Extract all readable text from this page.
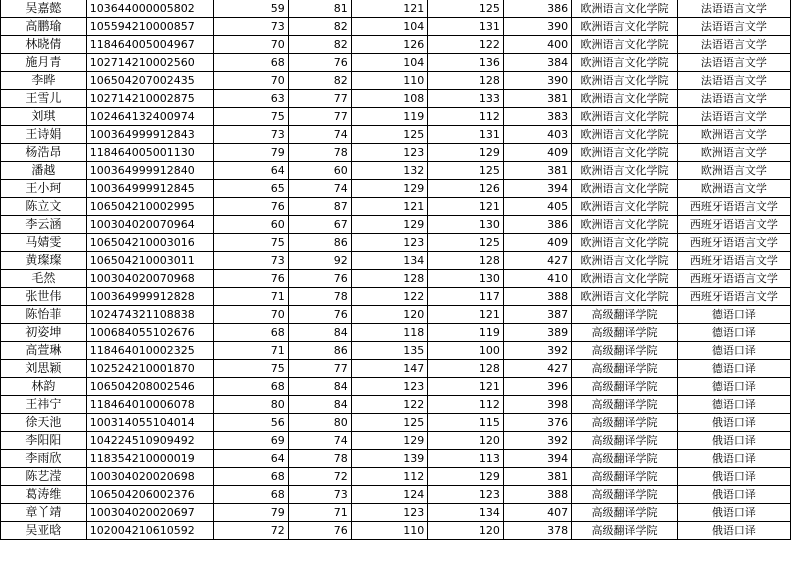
吴嘉懿	103644000005802	59	81	121	125	386	欧洲语言文化学院	法语语言文学
高鹏瑜	105594210000857	73	82	104	131	390	欧洲语言文化学院	法语语言文学
林晓倩	118464005004967	70	82	126	122	400	欧洲语言文化学院	法语语言文学
施月青	102714210002560	68	76	104	136	384	欧洲语言文化学院	法语语言文学
李晔	106504207002435	70	82	110	128	390	欧洲语言文化学院	法语语言文学
王雪儿	102714210002875	63	77	108	133	381	欧洲语言文化学院	法语语言文学
刘琪	102464132400974	75	77	119	112	383	欧洲语言文化学院	法语语言文学
王诗娟	100364999912843	73	74	125	131	403	欧洲语言文化学院	欧洲语言文学
杨浩昂	118464005001130	79	78	123	129	409	欧洲语言文化学院	欧洲语言文学
潘越	100364999912840	64	60	132	125	381	欧洲语言文化学院	欧洲语言文学
王小珂	100364999912845	65	74	129	126	394	欧洲语言文化学院	欧洲语言文学
陈立文	106504210002995	76	87	121	121	405	欧洲语言文化学院	西班牙语语言文学
李云涵	100304020070964	60	67	129	130	386	欧洲语言文化学院	西班牙语语言文学
马婧雯	106504210003016	75	86	123	125	409	欧洲语言文化学院	西班牙语语言文学
黄璨璨	106504210003011	73	92	134	128	427	欧洲语言文化学院	西班牙语语言文学
毛然	100304020070968	76	76	128	130	410	欧洲语言文化学院	西班牙语语言文学
张世伟	100364999912828	71	78	122	117	388	欧洲语言文化学院	西班牙语语言文学
陈怡菲	102474321108838	70	76	120	121	387	高级翻译学院	德语口译
初姿坤	100684055102676	68	84	118	119	389	高级翻译学院	德语口译
高萱琳	118464010002325	71	86	135	100	392	高级翻译学院	德语口译
刘思颖	102524210001870	75	77	147	128	427	高级翻译学院	德语口译
林韵	106504208002546	68	84	123	121	396	高级翻译学院	德语口译
王祎宁	118464010006078	80	84	122	112	398	高级翻译学院	德语口译
徐天池	100314055104014	56	80	125	115	376	高级翻译学院	俄语口译
李阳阳	104224510909492	69	74	129	120	392	高级翻译学院	俄语口译
李雨欣	118354210000019	64	78	139	113	394	高级翻译学院	俄语口译
陈艺滢	100304020020698	68	72	112	129	381	高级翻译学院	俄语口译
葛涛维	106504206002376	68	73	124	123	388	高级翻译学院	俄语口译
章丫靖	100304020020697	79	71	123	134	407	高级翻译学院	俄语口译
吴亚晗	102004210610592	72	76	110	120	378	高级翻译学院	俄语口译
